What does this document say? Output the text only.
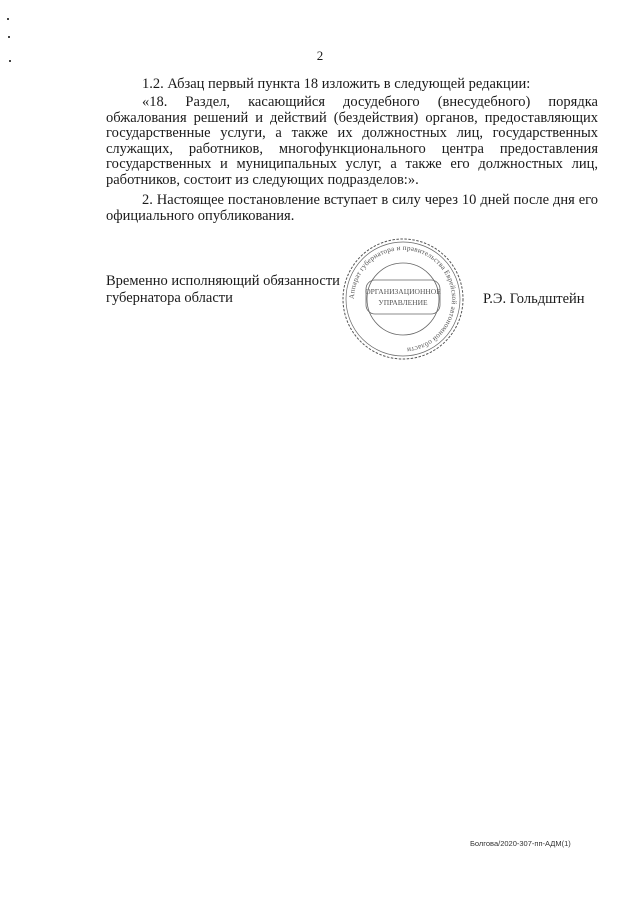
2
1.2. Абзац первый пункта 18 изложить в следующей редакции:
«18. Раздел, касающийся досудебного (внесудебного) порядка
обжалования решений и действий (бездействия) органов, предоставляющих
государственные услуги, а также их должностных лиц, государственных
служащих, работников, многофункционального центра предоставления
государственных и муниципальных услуг, а также его должностных лиц,
работников, состоит из следующих подразделов:».
2. Настоящее постановление вступает в силу через 10 дней после дня его
официального опубликования.
Временно исполняющий обязанности
губернатора области	Аппарат губернатора и правительства Еврейской автономной области
ОРГАНИЗАЦИОННОЕ
УПРАВЛЕНИЕ	Р.Э. Гольдштейн
Болгова/2020-307-пп-АДМ(1)
